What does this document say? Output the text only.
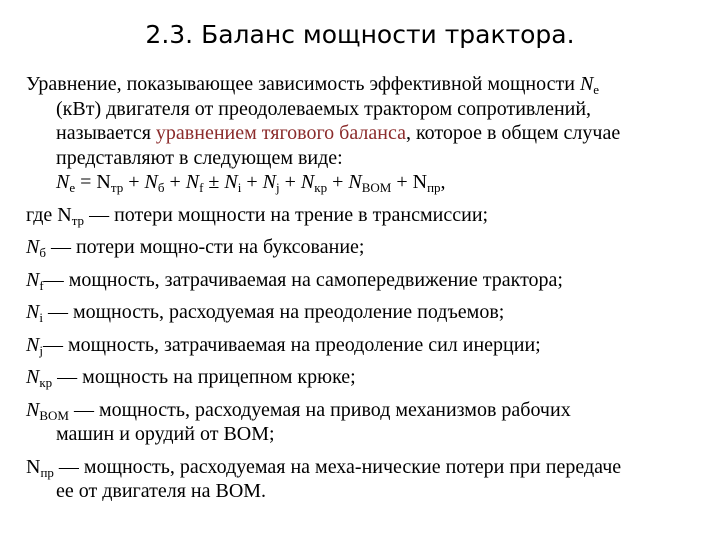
2.3. Баланс мощности трактора.
Уравнение, показывающее зависимость эффективной мощности $N_e$
(кВт) двигателя от преодолеваемых трактором сопротивлений,
называется уравнением тягового баланса, которое в общем случае
представляют в следующем виде:
$N_e = N_{тр} + N_б + N_f \pm N_i + N_j + N_{кр} + N_{ВОМ} + N_{пр}$,
где $N_{тр}$ — потери мощности на трение в трансмиссии;
$N_б$ — потери мощно-сти на буксование;
$N_f—$ мощность, затрачиваемая на самопередвижение трактора;
$N_i$ — мощность, расходуемая на преодоление подъемов;
$N_j—$ мощность, затрачиваемая на преодоление сил инерции;
$N_{кр}$ — мощность на прицепном крюке;
$N_{ВОМ}$ — мощность, расходуемая на привод механизмов рабочих
машин и орудий от ВОМ;
$N_{пр}$ — мощность, расходуемая на меха-нические потери при передаче
ее от двигателя на ВОМ.
